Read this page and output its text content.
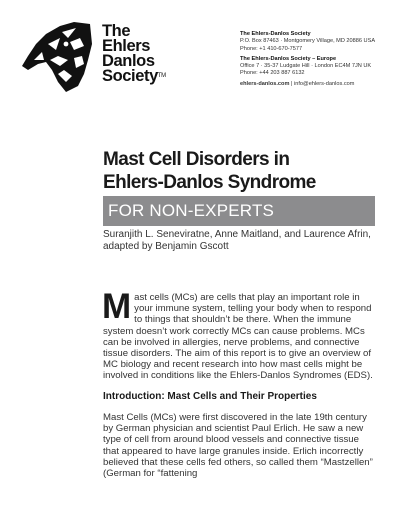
The
Ehlers
Danlos
Society™
The Ehlers-Danlos Society
P.O. Box 87463 · Montgomery Village, MD 20886 USA
Phone: +1 410-670-7577
The Ehlers-Danlos Society – Europe
Office 7 · 35-37 Ludgate Hill · London EC4M 7JN UK
Phone: +44 203 887 6132
ehlers-danlos.com | info@ehlers-danlos.com
Mast Cell Disorders in
Ehlers-Danlos Syndrome
FOR NON-EXPERTS
Suranjith L. Seneviratne, Anne Maitland, and Laurence Afrin, adapted by Benjamin Gscott
Mast cells (MCs) are cells that play an important role in your immune system, telling your body when to respond to things that shouldn’t be there. When the immune system doesn’t work correctly MCs can cause problems. MCs can be involved in allergies, nerve problems, and connective tissue disorders. The aim of this report is to give an overview of MC biology and recent research into how mast cells might be involved in conditions like the Ehlers-Danlos Syndromes (EDS).
Introduction: Mast Cells and Their Properties
Mast Cells (MCs) were first discovered in the late 19th century by German physician and scientist Paul Erlich. He saw a new type of cell from around blood vessels and connective tissue that appeared to have large granules inside. Erlich incorrectly believed that these cells fed others, so called them “Mastzellen” (German for “fattening
